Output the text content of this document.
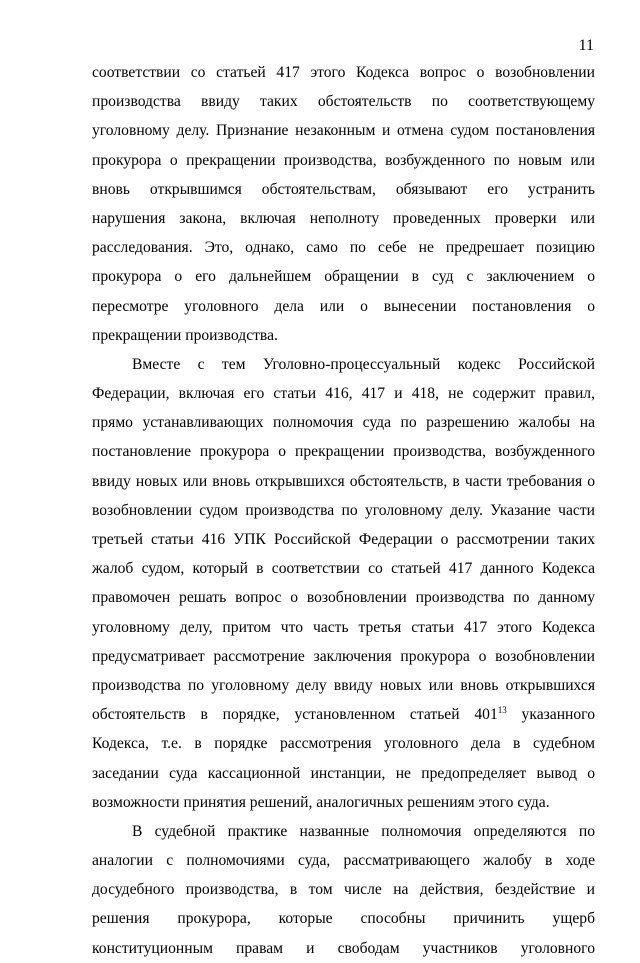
11
соответствии со статьей 417 этого Кодекса вопрос о возобновлении
производства ввиду таких обстоятельств по соответствующему
уголовному делу. Признание незаконным и отмена судом постановления
прокурора о прекращении производства, возбужденного по новым или
вновь открывшимся обстоятельствам, обязывают его устранить
нарушения закона, включая неполноту проведенных проверки или
расследования. Это, однако, само по себе не предрешает позицию
прокурора о его дальнейшем обращении в суд с заключением о
пересмотре уголовного дела или о вынесении постановления о
прекращении производства.
Вместе с тем Уголовно-процессуальный кодекс Российской
Федерации, включая его статьи 416, 417 и 418, не содержит правил,
прямо устанавливающих полномочия суда по разрешению жалобы на
постановление прокурора о прекращении производства, возбужденного
ввиду новых или вновь открывшихся обстоятельств, в части требования о
возобновлении судом производства по уголовному делу. Указание части
третьей статьи 416 УПК Российской Федерации о рассмотрении таких
жалоб судом, который в соответствии со статьей 417 данного Кодекса
правомочен решать вопрос о возобновлении производства по данному
уголовному делу, притом что часть третья статьи 417 этого Кодекса
предусматривает рассмотрение заключения прокурора о возобновлении
производства по уголовному делу ввиду новых или вновь открывшихся
обстоятельств в порядке, установленном статьей $401^{13}$ указанного
Кодекса, т.е. в порядке рассмотрения уголовного дела в судебном
заседании суда кассационной инстанции, не предопределяет вывод о
возможности принятия решений, аналогичных решениям этого суда.
В судебной практике названные полномочия определяются по
аналогии с полномочиями суда, рассматривающего жалобу в ходе
досудебного производства, в том числе на действия, бездействие и
решения прокурора, которые способны причинить ущерб
конституционным правам и свободам участников уголовного
